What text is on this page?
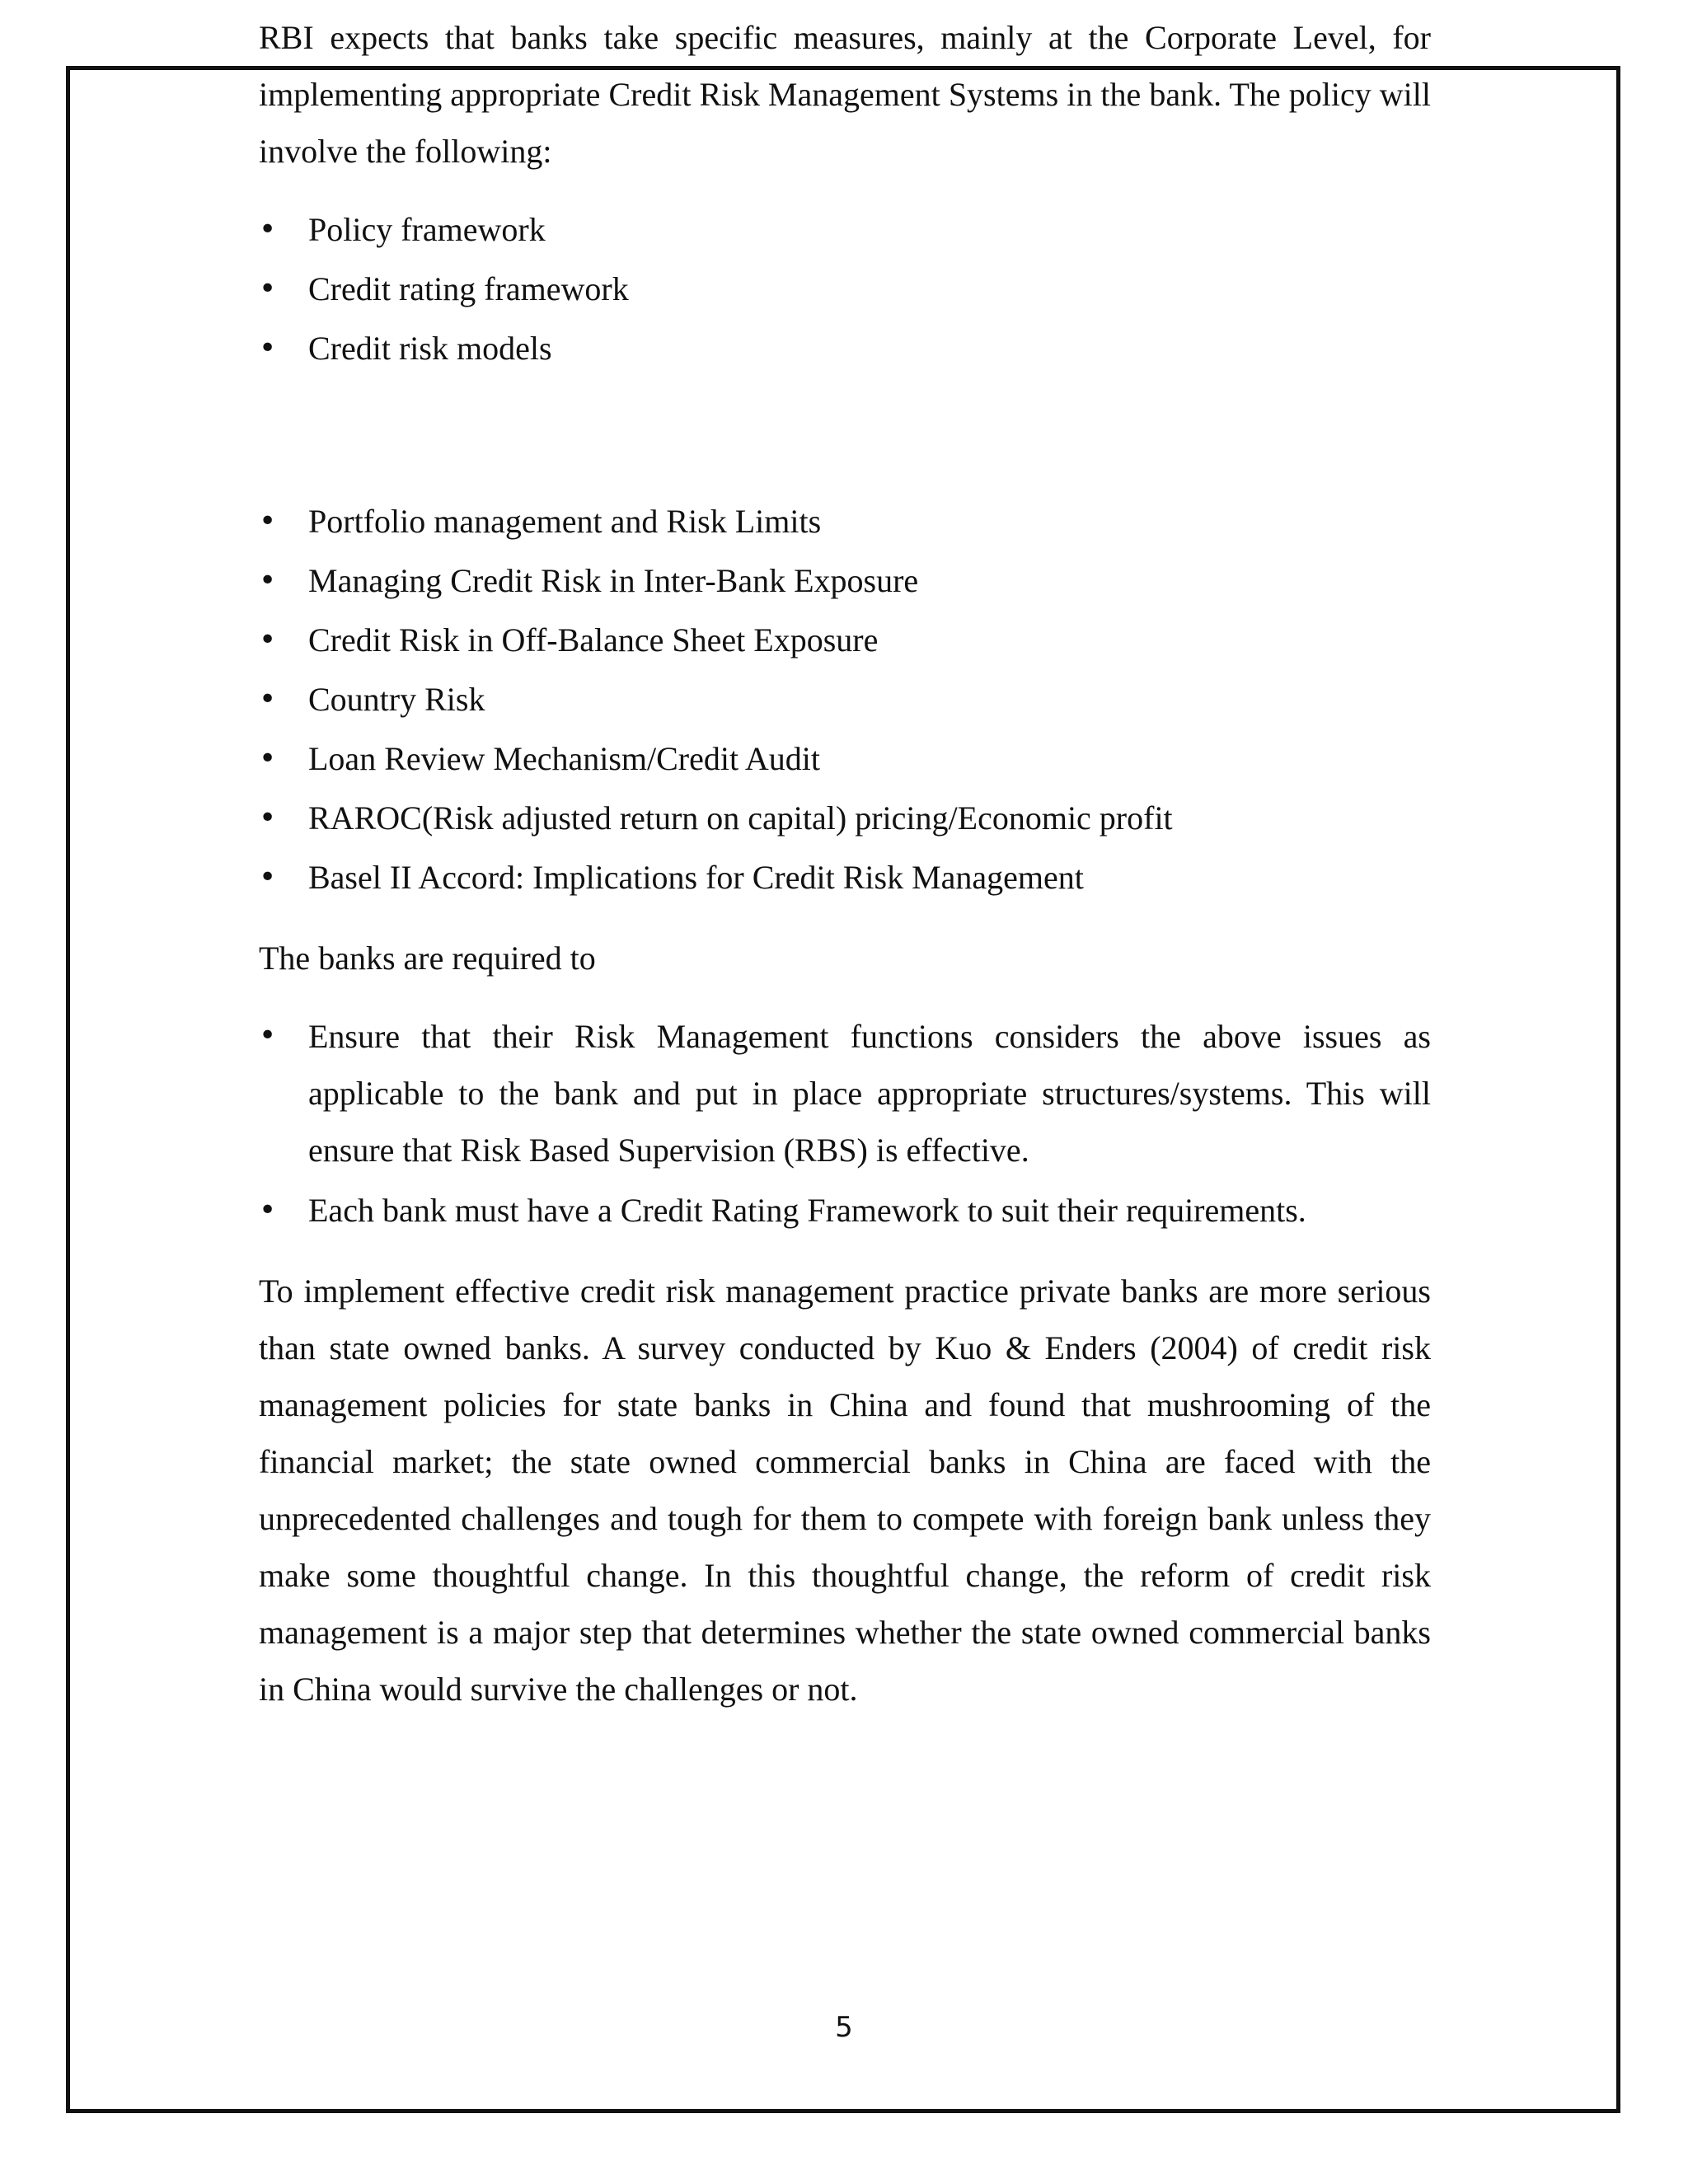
RBI expects that banks take specific measures, mainly at the Corporate Level, for implementing appropriate Credit Risk Management Systems in the bank. The policy will involve the following:

• Policy framework
• Credit rating framework
• Credit risk models
• Portfolio management and Risk Limits
• Managing Credit Risk in Inter-Bank Exposure
• Credit Risk in Off-Balance Sheet Exposure
• Country Risk
• Loan Review Mechanism/Credit Audit
• RAROC(Risk adjusted return on capital) pricing/Economic profit
• Basel II Accord: Implications for Credit Risk Management

The banks are required to

• Ensure that their Risk Management functions considers the above issues as applicable to the bank and put in place appropriate structures/systems. This will ensure that Risk Based Supervision (RBS) is effective.
• Each bank must have a Credit Rating Framework to suit their requirements.

To implement effective credit risk management practice private banks are more serious than state owned banks. A survey conducted by Kuo & Enders (2004) of credit risk management policies for state banks in China and found that mushrooming of the financial market; the state owned commercial banks in China are faced with the unprecedented challenges and tough for them to compete with foreign bank unless they make some thoughtful change. In this thoughtful change, the reform of credit risk management is a major step that determines whether the state owned commercial banks in China would survive the challenges or not.

5
